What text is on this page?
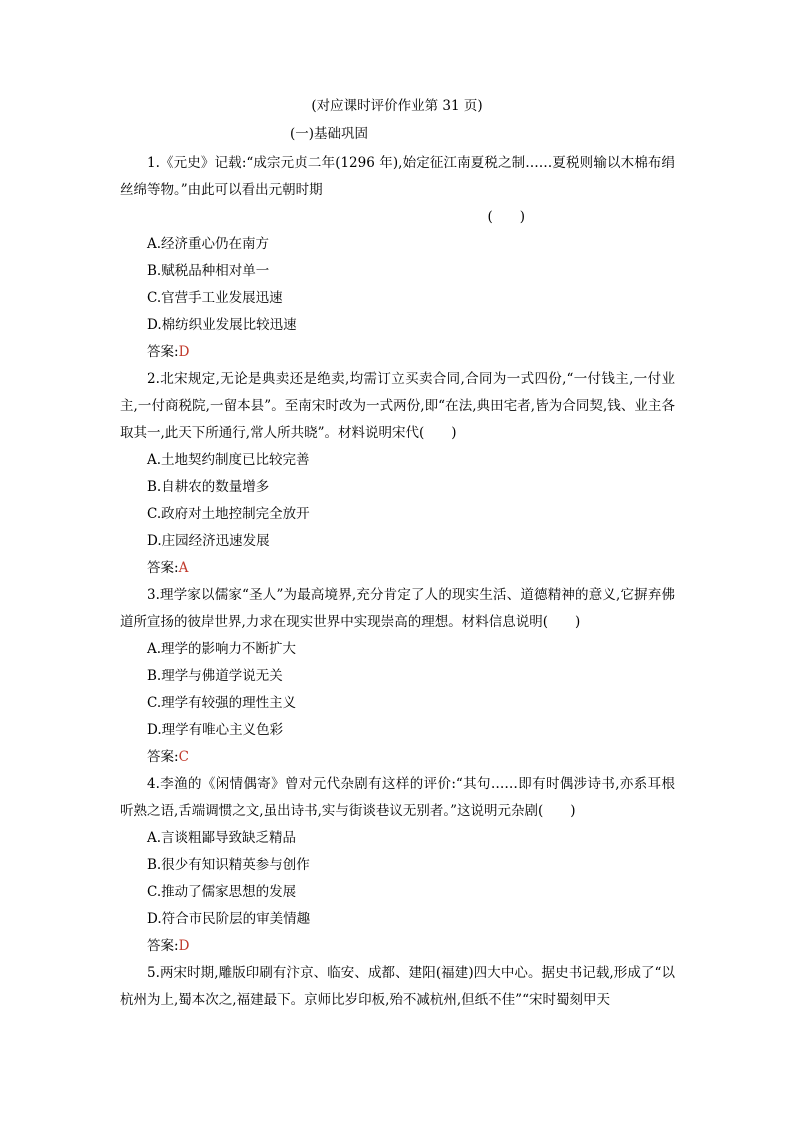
(对应课时评价作业第 31 页)
(一)基础巩固

1.《元史》记载:“成宗元贞二年(1296 年),始定征江南夏税之制……夏税则输以木棉布绢丝绵等物。”由此可以看出元朝时期

(　　)

A.经济重心仍在南方

B.赋税品种相对单一

C.官营手工业发展迅速

D.棉纺织业发展比较迅速

答案:D

2.北宋规定,无论是典卖还是绝卖,均需订立买卖合同,合同为一式四份,“一付钱主,一付业主,一付商税院,一留本县”。至南宋时改为一式两份,即“在法,典田宅者,皆为合同契,钱、业主各取其一,此天下所通行,常人所共晓”。材料说明宋代(　　)

A.土地契约制度已比较完善

B.自耕农的数量增多

C.政府对土地控制完全放开

D.庄园经济迅速发展

答案:A

3.理学家以儒家“圣人”为最高境界,充分肯定了人的现实生活、道德精神的意义,它摒弃佛道所宣扬的彼岸世界,力求在现实世界中实现崇高的理想。材料信息说明(　　)

A.理学的影响力不断扩大

B.理学与佛道学说无关

C.理学有较强的理性主义

D.理学有唯心主义色彩

答案:C

4.李渔的《闲情偶寄》曾对元代杂剧有这样的评价:“其句……即有时偶涉诗书,亦系耳根听熟之语,舌端调惯之文,虽出诗书,实与街谈巷议无别者。”这说明元杂剧(　　)

A.言谈粗鄙导致缺乏精品

B.很少有知识精英参与创作

C.推动了儒家思想的发展

D.符合市民阶层的审美情趣

答案:D

5.两宋时期,雕版印刷有汴京、临安、成都、建阳(福建)四大中心。据史书记载,形成了“以杭州为上,蜀本次之,福建最下。京师比岁印板,殆不减杭州,但纸不佳”“宋时蜀刻甲天
